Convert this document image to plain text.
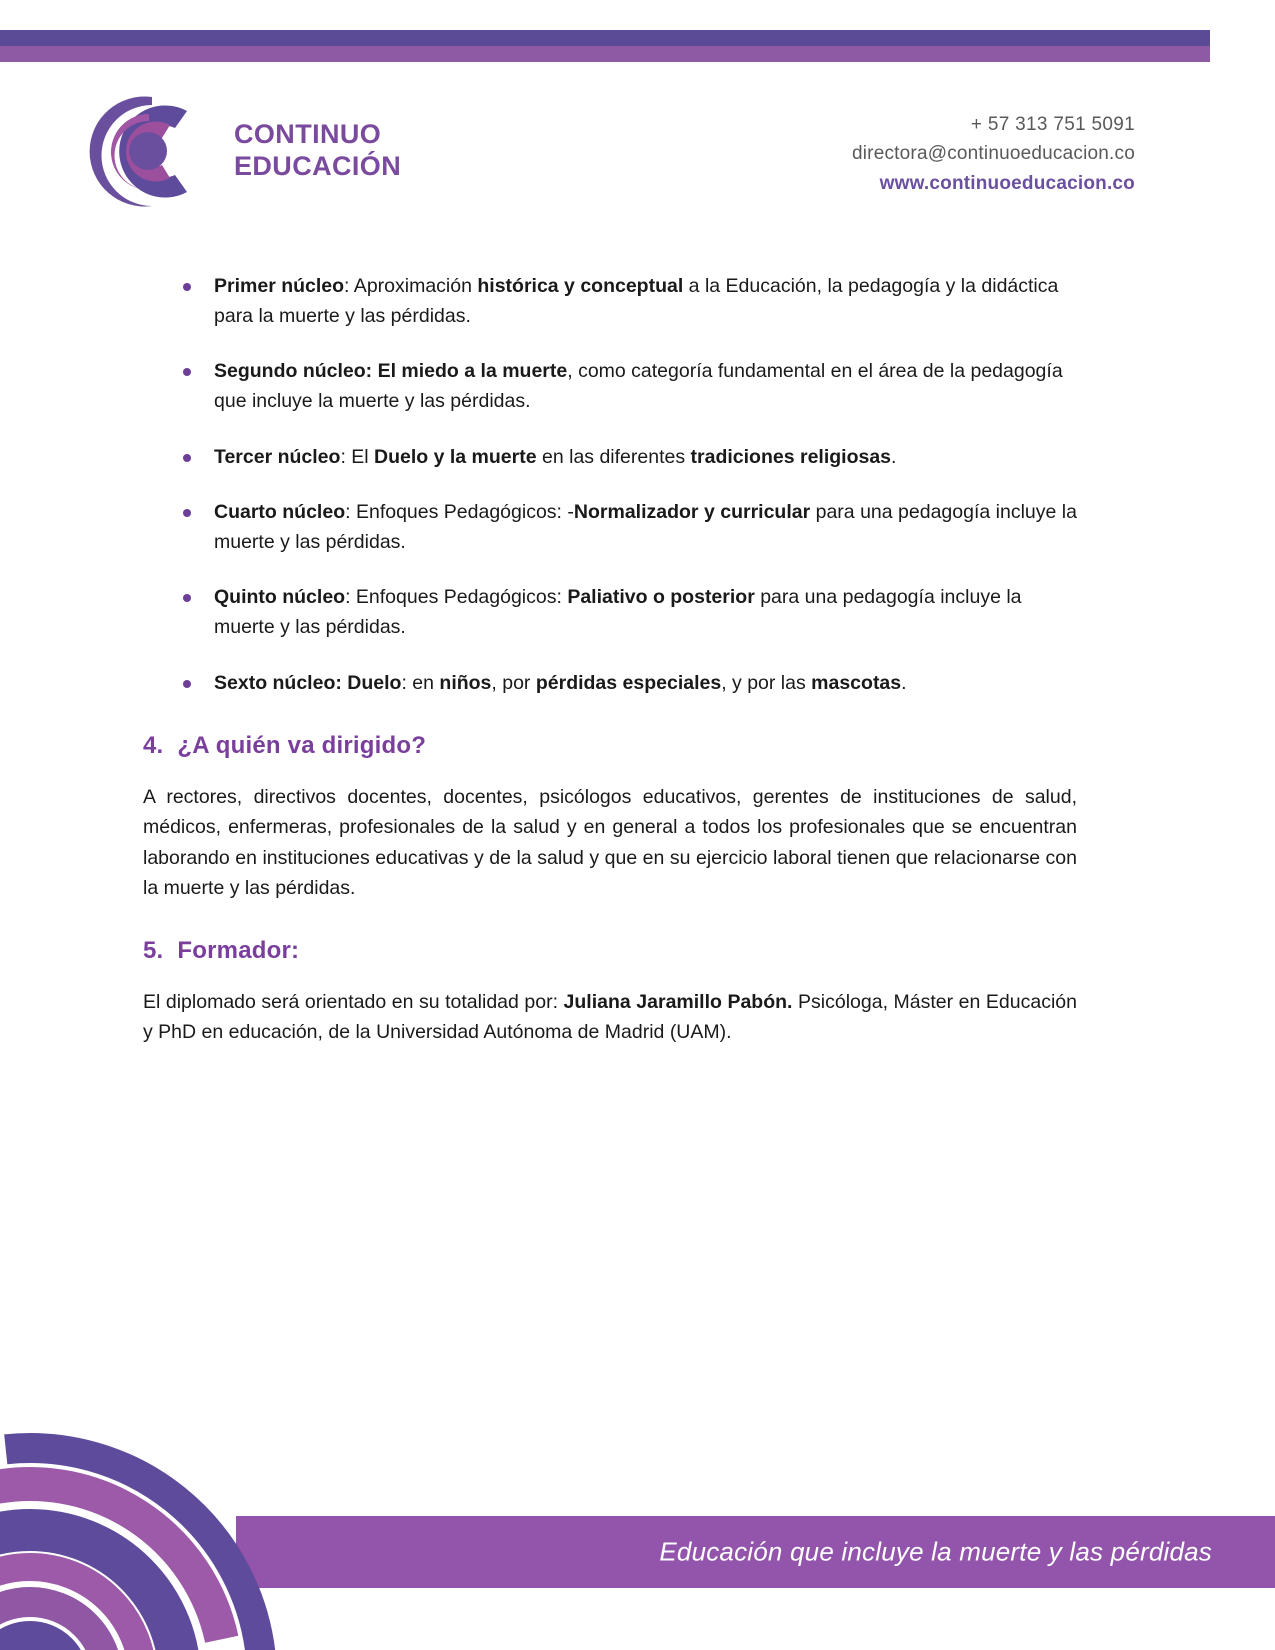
CONTINUO
EDUCACIÓN
+ 57 313 751 5091
directora@continuoeducacion.co
www.continuoeducacion.co
Primer núcleo: Aproximación histórica y conceptual a la Educación, la pedagogía y la didáctica para la muerte y las pérdidas.
Segundo núcleo: El miedo a la muerte, como categoría fundamental en el área de la pedagogía que incluye la muerte y las pérdidas.
Tercer núcleo: El Duelo y la muerte en las diferentes tradiciones religiosas.
Cuarto núcleo: Enfoques Pedagógicos: -Normalizador y curricular para una pedagogía incluye la muerte y las pérdidas.
Quinto núcleo: Enfoques Pedagógicos: Paliativo o posterior para una pedagogía incluye la muerte y las pérdidas.
Sexto núcleo: Duelo: en niños, por pérdidas especiales, y por las mascotas.
4. ¿A quién va dirigido?

A rectores, directivos docentes, docentes, psicólogos educativos, gerentes de instituciones de salud, médicos, enfermeras, profesionales de la salud y en general a todos los profesionales que se encuentran laborando en instituciones educativas y de la salud y que en su ejercicio laboral tienen que relacionarse con la muerte y las pérdidas.

5. Formador:

El diplomado será orientado en su totalidad por: Juliana Jaramillo Pabón. Psicóloga, Máster en Educación y PhD en educación, de la Universidad Autónoma de Madrid (UAM).

Educación que incluye la muerte y las pérdidas
